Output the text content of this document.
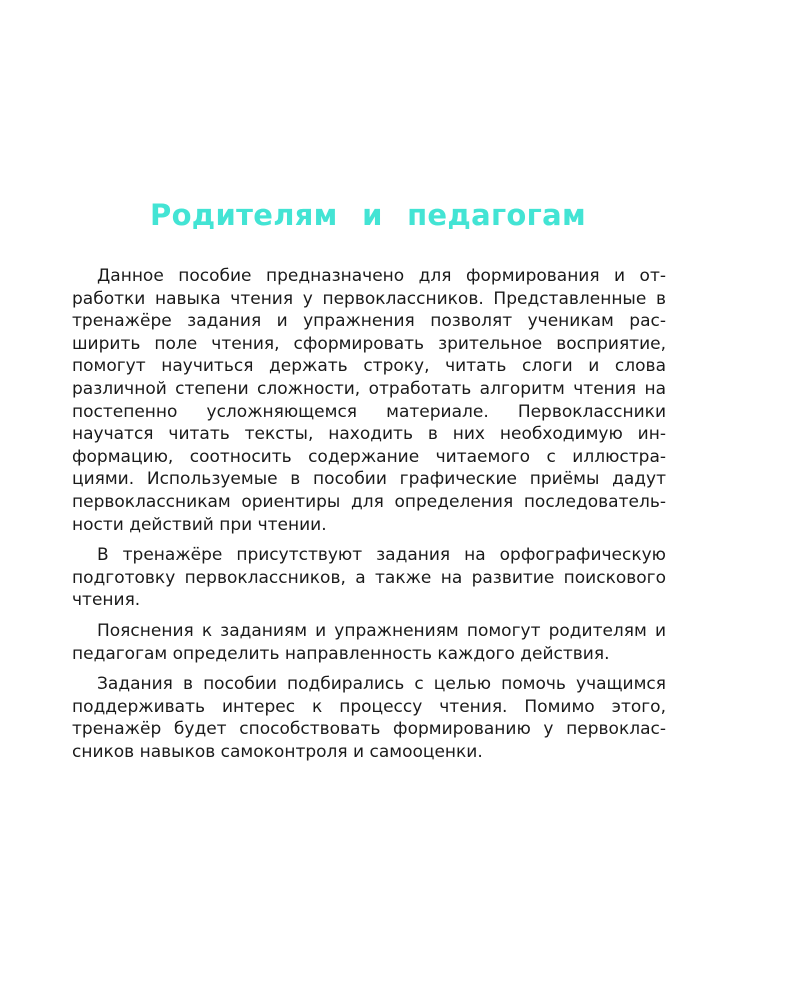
Родителям и педагогам

Данное пособие предназначено для формирования и отработки навыка чтения у первоклассников. Представленные в тренажёре задания и упражнения позволят ученикам расширить поле чтения, сформировать зрительное восприятие, помогут научиться держать строку, читать слоги и слова различной степени сложности, отработать алгоритм чтения на постепенно усложняющемся материале. Первоклассники научатся читать тексты, находить в них необходимую информацию, соотносить содержание читаемого с иллюстрациями. Используемые в пособии графические приёмы дадут первоклассникам ориентиры для определения последовательности действий при чтении.

В тренажёре присутствуют задания на орфографическую подготовку первоклассников, а также на развитие поискового чтения.

Пояснения к заданиям и упражнениям помогут родителям и педагогам определить направленность каждого действия.

Задания в пособии подбирались с целью помочь учащимся поддерживать интерес к процессу чтения. Помимо этого, тренажёр будет способствовать формированию у первоклассников навыков самоконтроля и самооценки.
